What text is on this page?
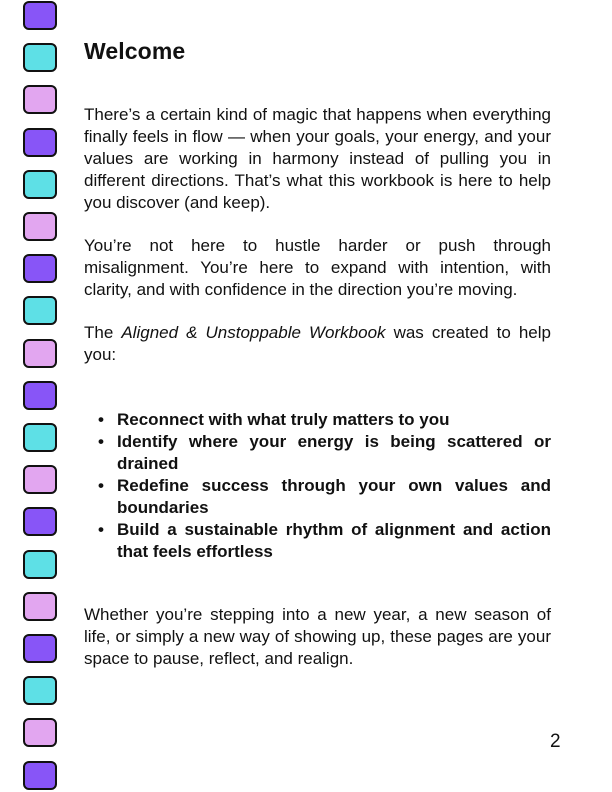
Welcome

There’s a certain kind of magic that happens when everything finally feels in flow — when your goals, your energy, and your values are working in harmony instead of pulling you in different directions. That’s what this workbook is here to help you discover (and keep).

You’re not here to hustle harder or push through misalignment. You’re here to expand with intention, with clarity, and with confidence in the direction you’re moving.

The Aligned & Unstoppable Workbook was created to help you:

• Reconnect with what truly matters to you
• Identify where your energy is being scattered or drained
• Redefine success through your own values and boundaries
• Build a sustainable rhythm of alignment and action that feels effortless

Whether you’re stepping into a new year, a new season of life, or simply a new way of showing up, these pages are your space to pause, reflect, and realign.

2
